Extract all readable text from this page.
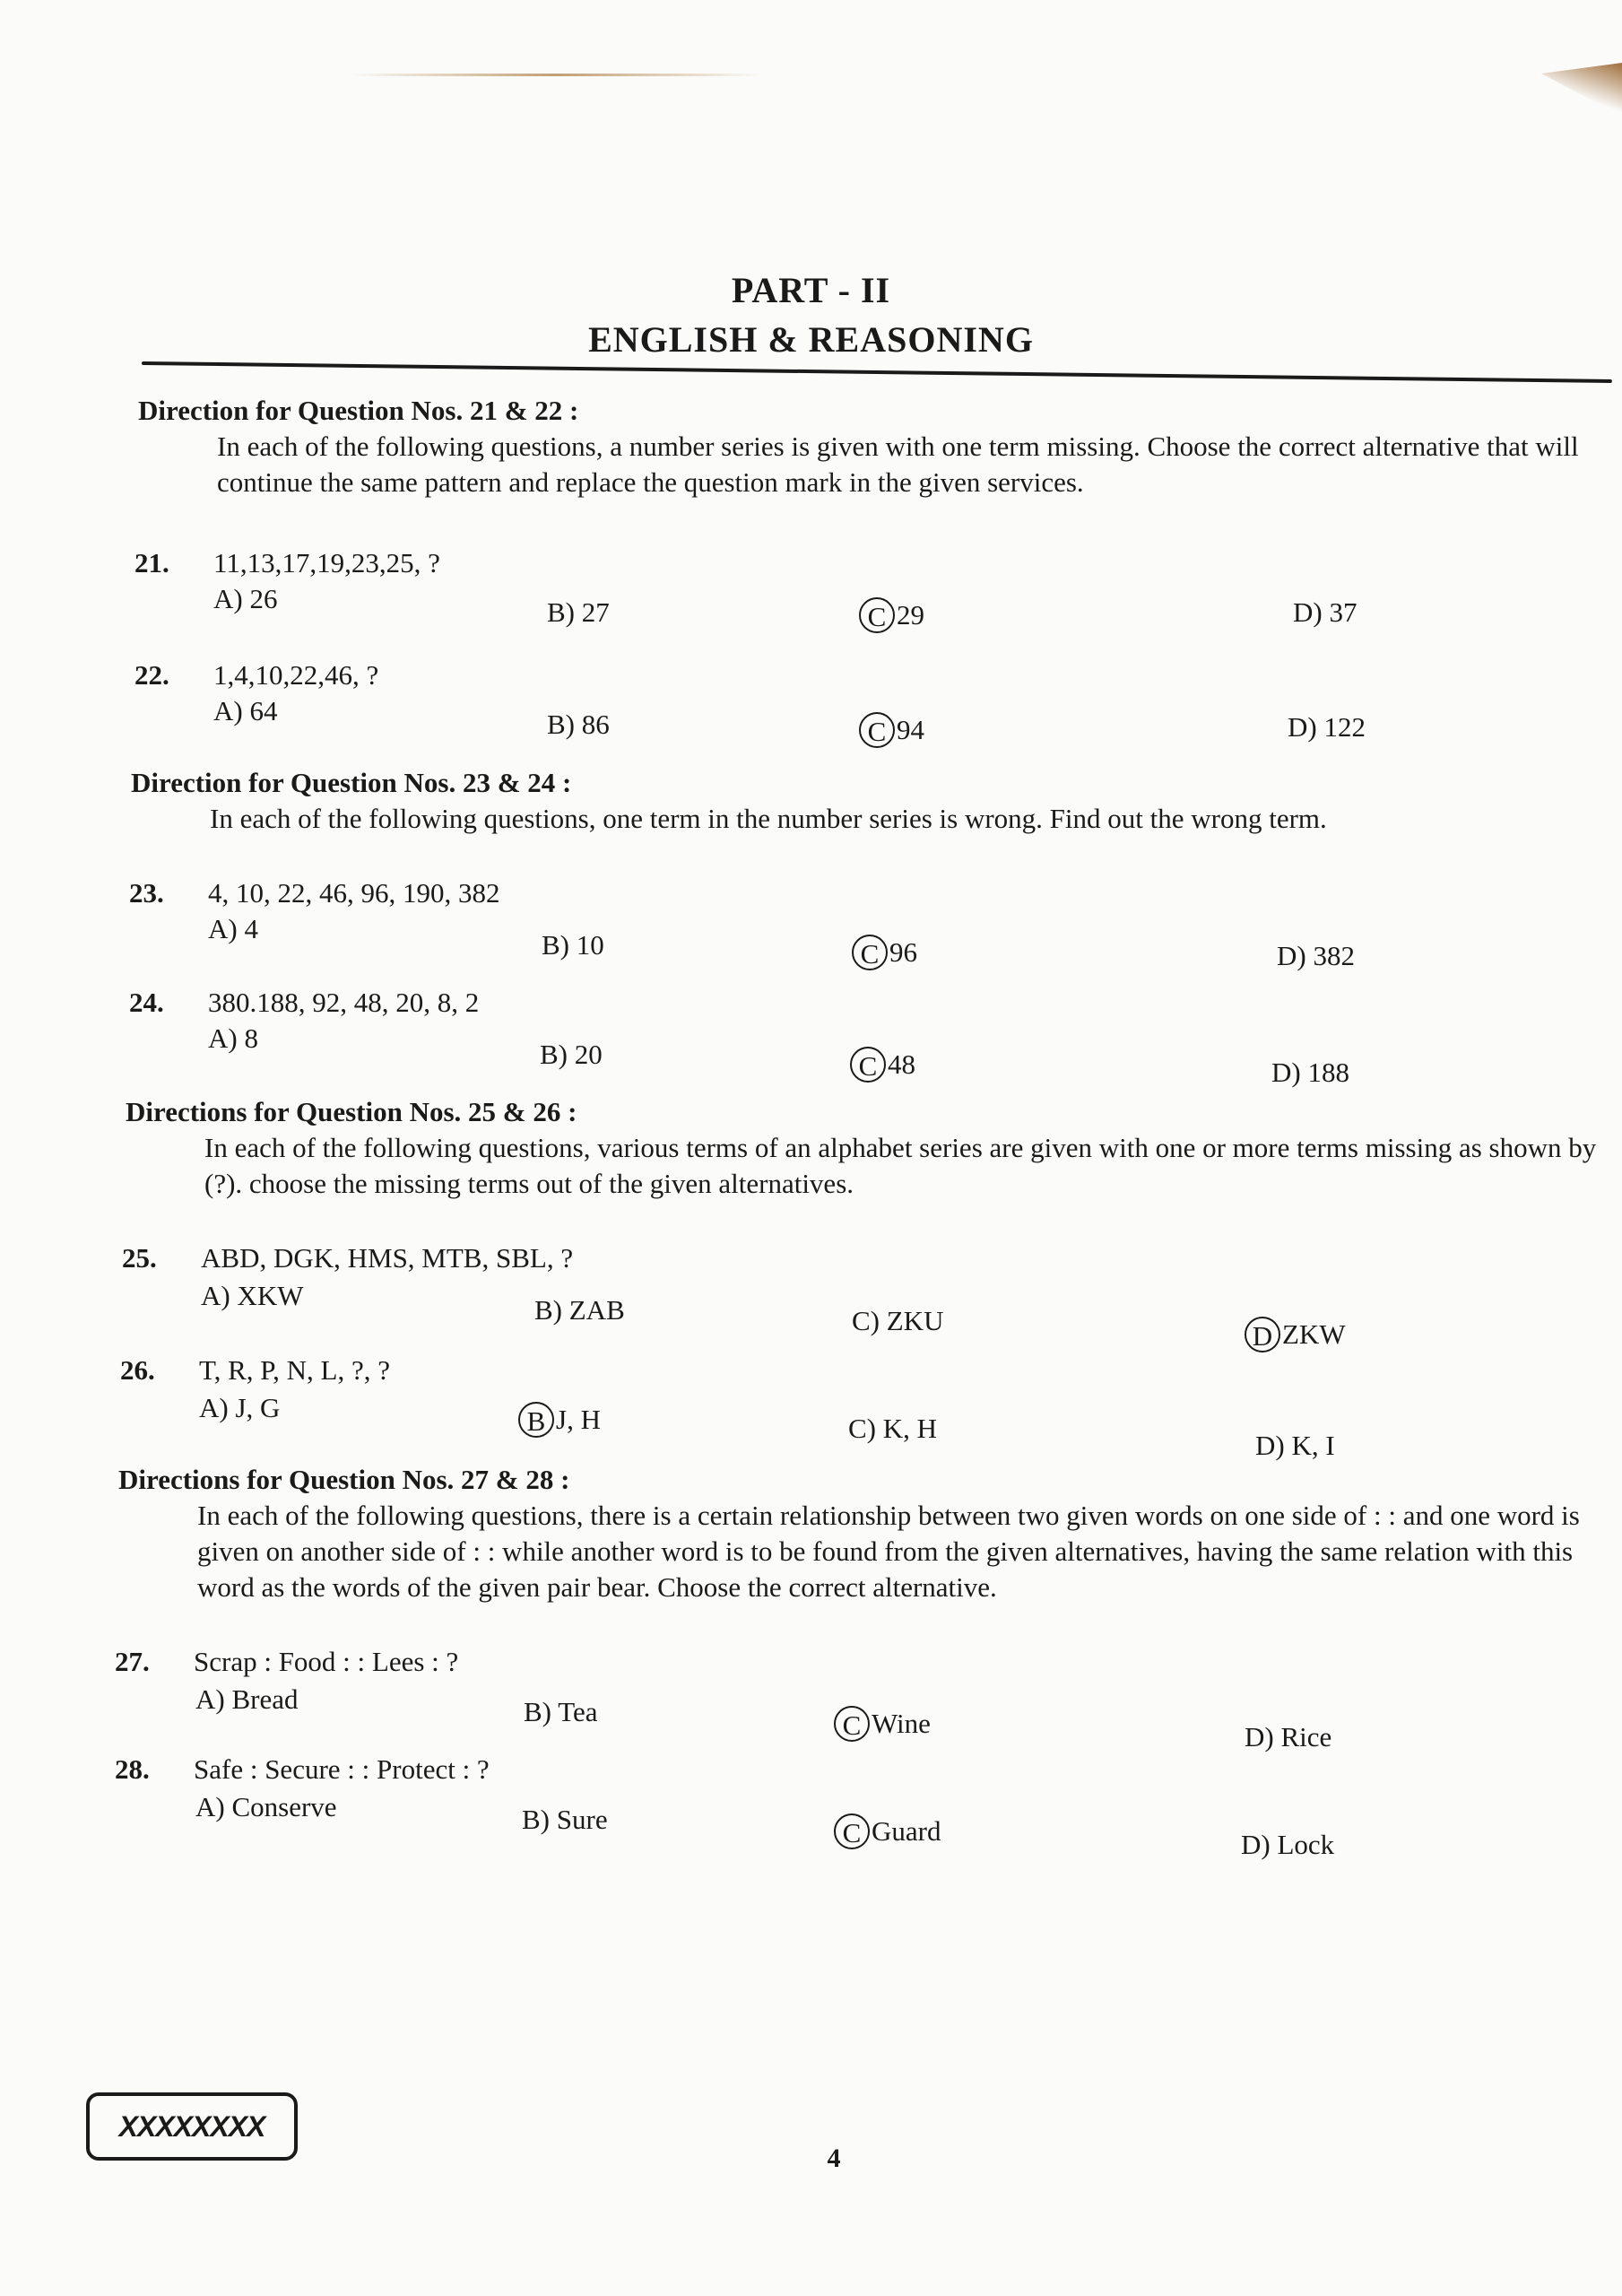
PART - II
ENGLISH & REASONING
Direction for Question Nos. 21 & 22 :
In each of the following questions, a number series is given with one term missing. Choose the correct alternative that will continue the same pattern and replace the question mark in the given services.
21. 11,13,17,19,23,25, ?
A) 26	B) 27	C 29	D) 37
22. 1,4,10,22,46, ?
A) 64	B) 86	C 94	D) 122
Direction for Question Nos. 23 & 24 :
In each of the following questions, one term in the number series is wrong. Find out the wrong term.
23. 4, 10, 22, 46, 96, 190, 382
A) 4
B) 10	C 96	D) 382
24. 380.188, 92, 48, 20, 8, 2
A) 8
B) 20	C 48	D) 188
Directions for Question Nos. 25 & 26 :
In each of the following questions, various terms of an alphabet series are given with one or more terms missing as shown by (?). choose the missing terms out of the given alternatives.
25. ABD, DGK, HMS, MTB, SBL, ?
A) XKW	B) ZAB	C) ZKU	D ZKW
26. T, R, P, N, L, ?, ?
A) J, G	B J, H	C) K, H
D) K, I
Directions for Question Nos. 27 & 28 :
In each of the following questions, there is a certain relationship between two given words on one side of : : and one word is given on another side of : : while another word is to be found from the given alternatives, having the same relation with this word as the words of the given pair bear. Choose the correct alternative.
27. Scrap : Food : : Lees : ?
A) Bread	B) Tea	C Wine	D) Rice
28. Safe : Secure : : Protect : ?
A) Conserve	B) Sure	C Guard	D) Lock
XXXXXXXX
4
